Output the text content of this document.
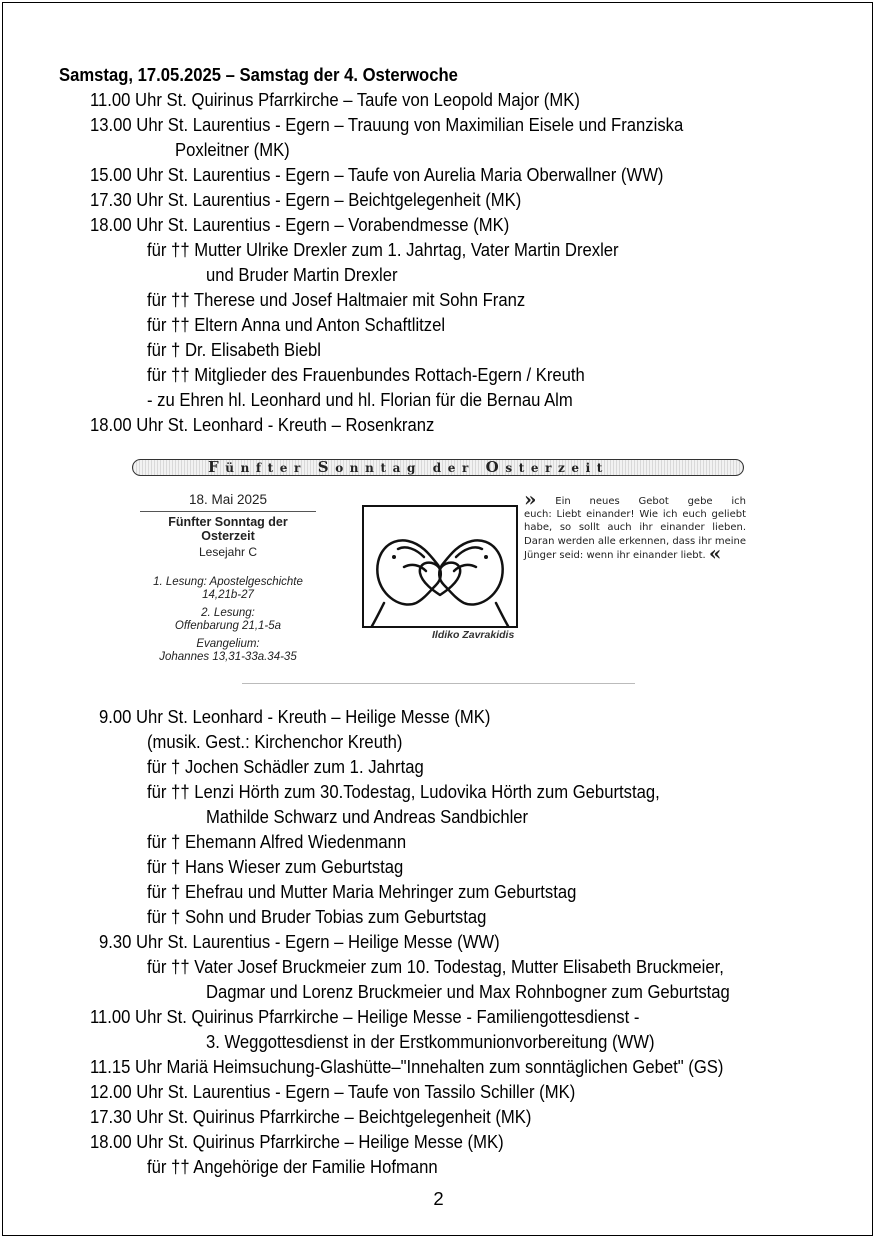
Samstag, 17.05.2025 – Samstag der 4. Osterwoche
11.00 Uhr St. Quirinus Pfarrkirche – Taufe von Leopold Major (MK)
13.00 Uhr St. Laurentius - Egern – Trauung von Maximilian Eisele und Franziska
Poxleitner (MK)
15.00 Uhr St. Laurentius - Egern – Taufe von Aurelia Maria Oberwallner (WW)
17.30 Uhr St. Laurentius - Egern – Beichtgelegenheit (MK)
18.00 Uhr St. Laurentius - Egern – Vorabendmesse (MK)
für †† Mutter Ulrike Drexler zum 1. Jahrtag, Vater Martin Drexler
und Bruder Martin Drexler
für †† Therese und Josef Haltmaier mit Sohn Franz
für †† Eltern Anna und Anton Schaftlitzel
für † Dr. Elisabeth Biebl
für †† Mitglieder des Frauenbundes Rottach-Egern / Kreuth
- zu Ehren hl. Leonhard und hl. Florian für die Bernau Alm
18.00 Uhr St. Leonhard - Kreuth – Rosenkranz
Fünfter Sonntag der Osterzeit
18. Mai 2025
Fünfter Sonntag der
Osterzeit
Lesejahr C
1. Lesung: Apostelgeschichte
14,21b-27
2. Lesung:
Offenbarung 21,1-5a
Evangelium:
Johannes 13,31-33a.34-35
Ildiko Zavrakidis
» Ein neues Gebot gebe ich
euch: Liebt einander! Wie ich euch geliebt habe, so sollt auch ihr einander lieben. Daran werden alle erkennen, dass ihr meine Jünger seid: wenn ihr einander liebt. «
9.00 Uhr St. Leonhard - Kreuth – Heilige Messe (MK)
(musik. Gest.: Kirchenchor Kreuth)
für † Jochen Schädler zum 1. Jahrtag
für †† Lenzi Hörth zum 30.Todestag, Ludovika Hörth zum Geburtstag,
Mathilde Schwarz und Andreas Sandbichler
für † Ehemann Alfred Wiedenmann
für † Hans Wieser zum Geburtstag
für † Ehefrau und Mutter Maria Mehringer zum Geburtstag
für † Sohn und Bruder Tobias zum Geburtstag
9.30 Uhr St. Laurentius - Egern – Heilige Messe (WW)
für †† Vater Josef Bruckmeier zum 10. Todestag, Mutter Elisabeth Bruckmeier,
Dagmar und Lorenz Bruckmeier und Max Rohnbogner zum Geburtstag
11.00 Uhr St. Quirinus Pfarrkirche – Heilige Messe - Familiengottesdienst -
3. Weggottesdienst in der Erstkommunionvorbereitung (WW)
11.15 Uhr Mariä Heimsuchung-Glashütte–"Innehalten zum sonntäglichen Gebet" (GS)
12.00 Uhr St. Laurentius - Egern – Taufe von Tassilo Schiller (MK)
17.30 Uhr St. Quirinus Pfarrkirche – Beichtgelegenheit (MK)
18.00 Uhr St. Quirinus Pfarrkirche – Heilige Messe (MK)
für †† Angehörige der Familie Hofmann
2
